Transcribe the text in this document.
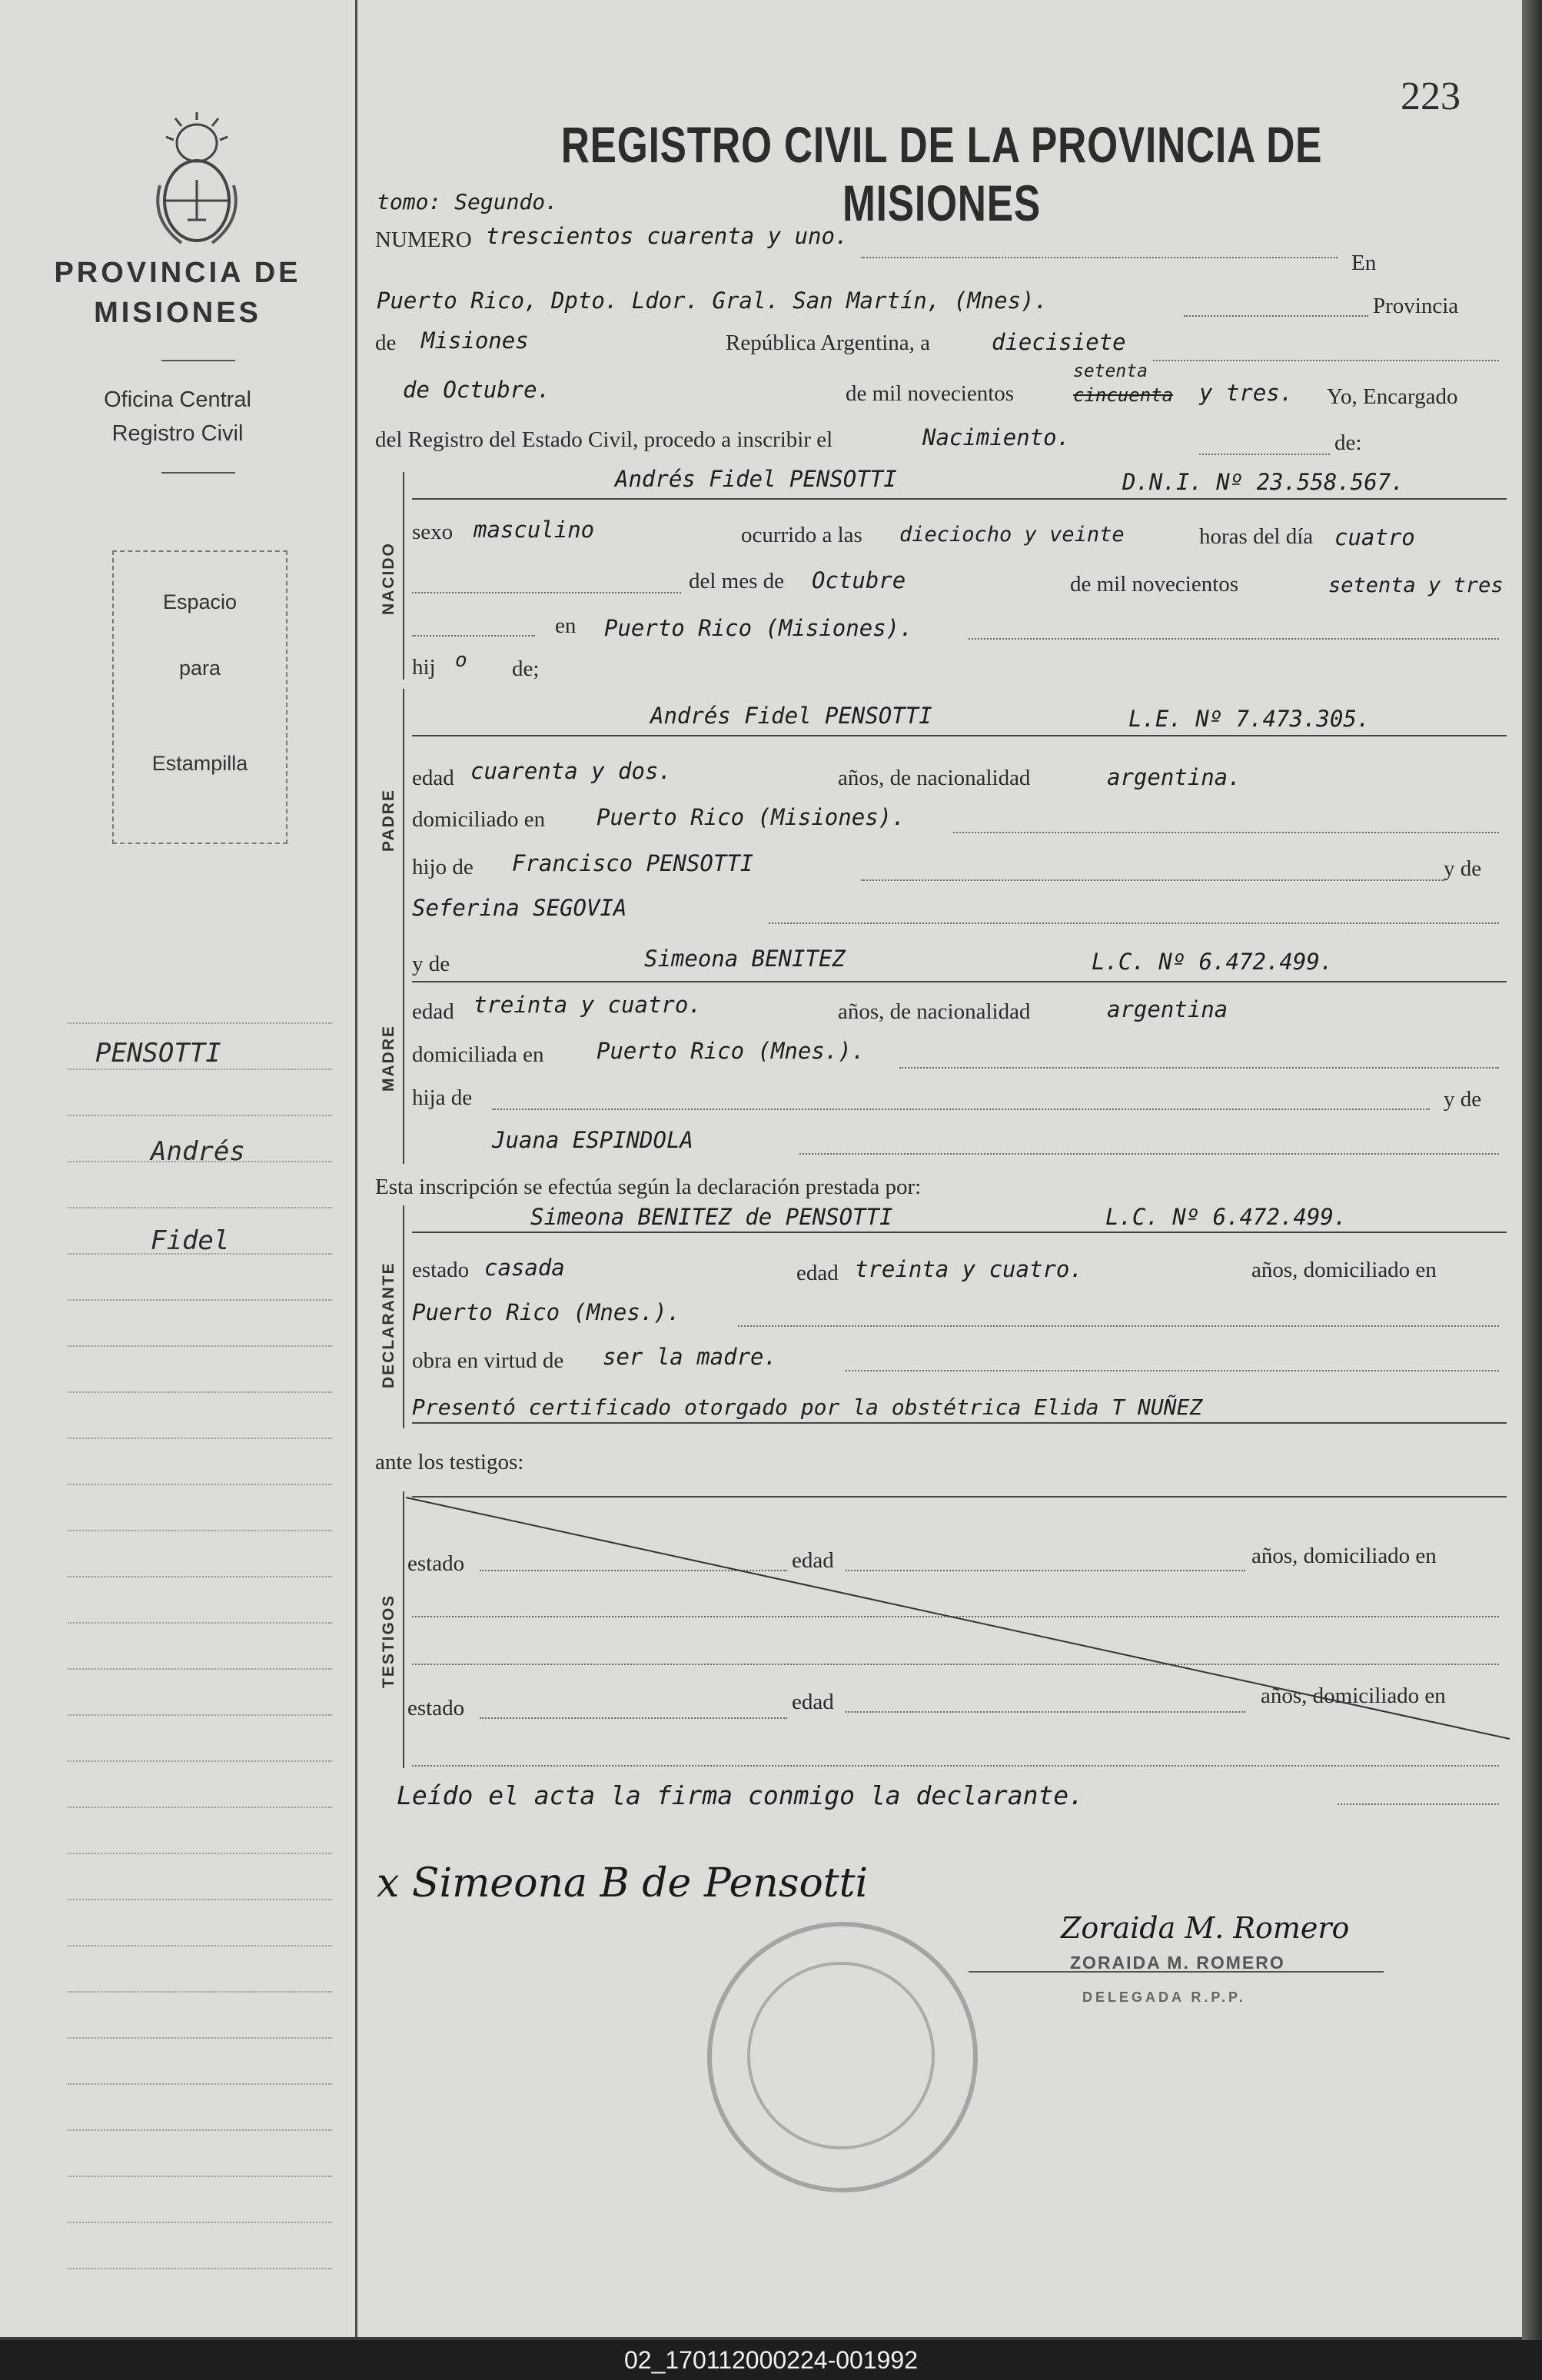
PROVINCIA DE
MISIONES
Oficina Central
Registro Civil
Espacio
para
Estampilla
PENSOTTI
Andrés
Fidel
223
REGISTRO CIVIL DE LA PROVINCIA DE MISIONES
tomo: Segundo.
NUMERO trescientos cuarenta y uno.
En
Puerto Rico, Dpto. Ldor. Gral. San Martín, (Mnes).	Provincia
de Misiones	República Argentina, a	diecisiete
de Octubre.	de mil novecientos	cincuenta
setenta
y tres. Yo, Encargado
del Registro del Estado Civil, procedo a inscribir el	Nacimiento.	de:
NACIDO
Andrés Fidel PENSOTTI	D.N.I. Nº 23.558.567.
sexo masculino	ocurrido a las dieciocho y veinte	horas del día cuatro
del mes de Octubre	de mil novecientos	setenta y tres
en Puerto Rico (Misiones).
hij o de;
PADRE
Andrés Fidel PENSOTTI	L.E. Nº 7.473.305.
edad cuarenta y dos.	años, de nacionalidad	argentina.
domiciliado en Puerto Rico (Misiones).
hijo de Francisco PENSOTTI	y de
Seferina SEGOVIA
MADRE
y de	Simeona BENITEZ	L.C. Nº 6.472.499.
edad treinta y cuatro.	años, de nacionalidad	argentina
domiciliada en Puerto Rico (Mnes.).
hija de	y de
Juana ESPINDOLA
Esta inscripción se efectúa según la declaración prestada por:
DECLARANTE
Simeona BENITEZ de PENSOTTI	L.C. Nº 6.472.499.
estado casada	edad treinta y cuatro.	años, domiciliado en
Puerto Rico (Mnes.).
obra en virtud de ser la madre.
Presentó certificado otorgado por la obstétrica Elida T NUÑEZ
ante los testigos:
TESTIGOS
estado	edad	años, domiciliado en
estado	edad	años, domiciliado en
Leído el acta la firma conmigo la declarante.
x Simeona B de Pensotti
Zoraida M. Romero
ZORAIDA M. ROMERO
DELEGADA R.P.P.
02_170112000224-001992
